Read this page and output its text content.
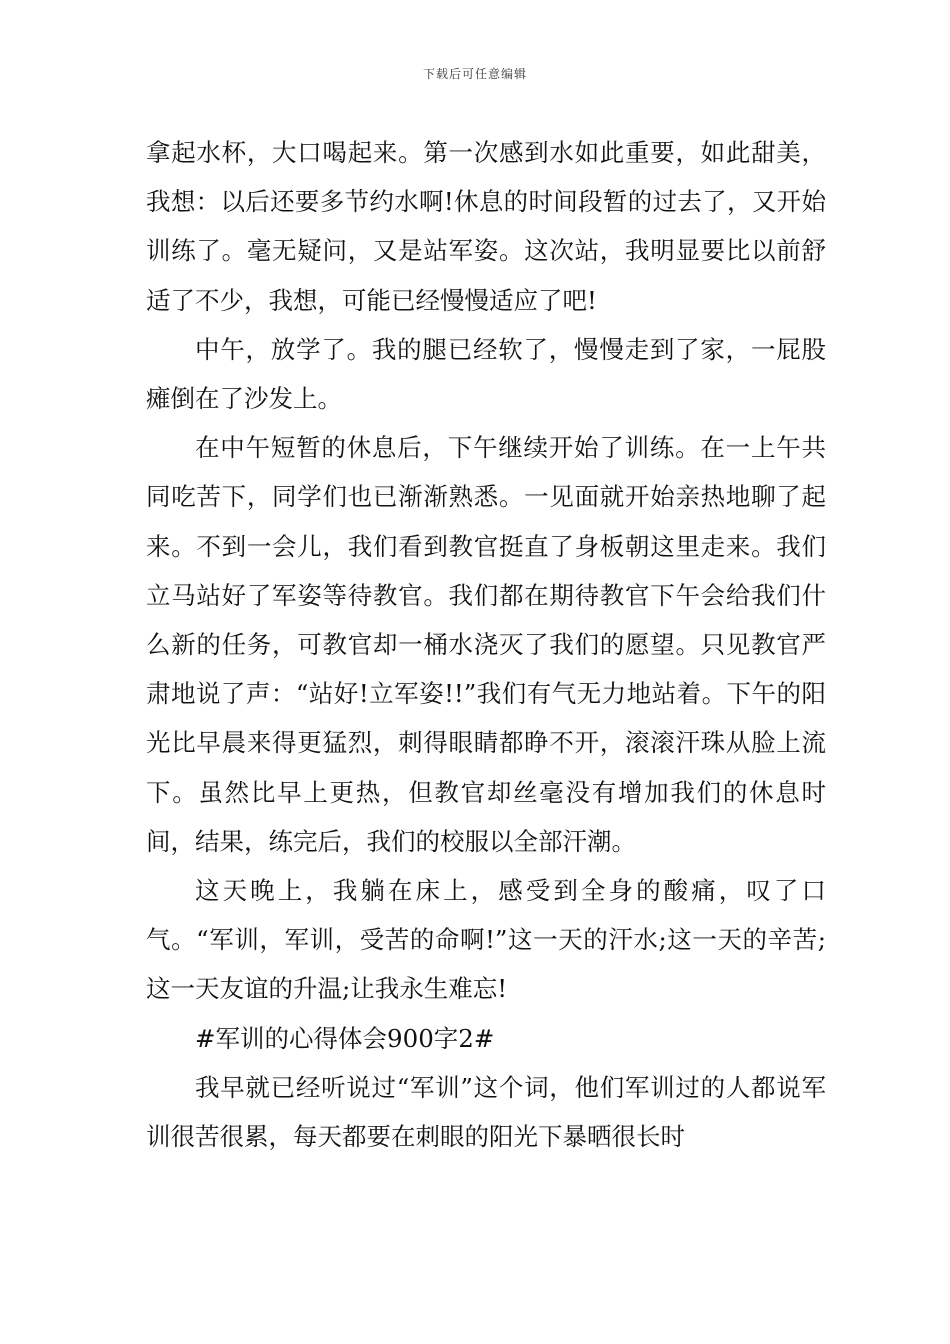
下载后可任意编辑

拿起水杯，大口喝起来。第一次感到水如此重要，如此甜美，我想：以后还要多节约水啊!休息的时间段暂的过去了，又开始训练了。毫无疑问，又是站军姿。这次站，我明显要比以前舒适了不少，我想，可能已经慢慢适应了吧!

中午，放学了。我的腿已经软了，慢慢走到了家，一屁股瘫倒在了沙发上。

在中午短暂的休息后，下午继续开始了训练。在一上午共同吃苦下，同学们也已渐渐熟悉。一见面就开始亲热地聊了起来。不到一会儿，我们看到教官挺直了身板朝这里走来。我们立马站好了军姿等待教官。我们都在期待教官下午会给我们什么新的任务，可教官却一桶水浇灭了我们的愿望。只见教官严肃地说了声：“站好!立军姿!!”我们有气无力地站着。下午的阳光比早晨来得更猛烈，刺得眼睛都睁不开，滚滚汗珠从脸上流下。虽然比早上更热，但教官却丝毫没有增加我们的休息时间，结果，练完后，我们的校服以全部汗潮。

这天晚上，我躺在床上，感受到全身的酸痛，叹了口气。“军训，军训，受苦的命啊!”这一天的汗水;这一天的辛苦;这一天友谊的升温;让我永生难忘!

#军训的心得体会900字2#

我早就已经听说过“军训”这个词，他们军训过的人都说军训很苦很累，每天都要在刺眼的阳光下暴晒很长时
